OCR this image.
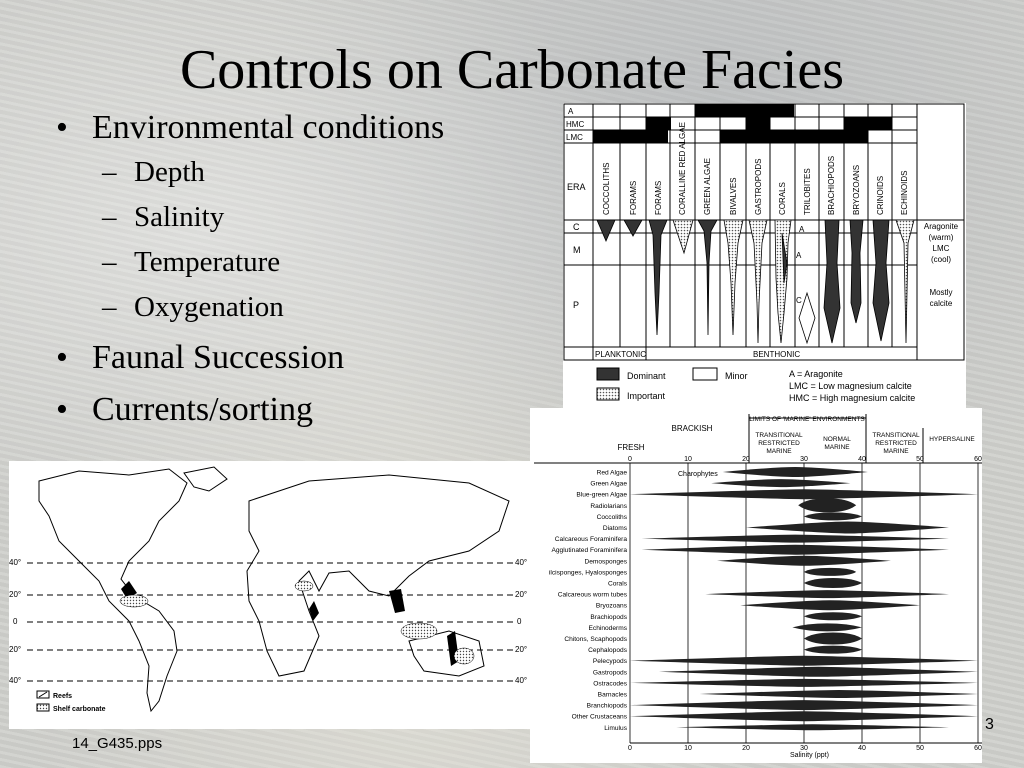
Controls on Carbonate Facies
• Environmental conditions
– Depth
– Salinity
– Temperature
– Oxygenation
• Faunal Succession
• Currents/sorting
A
HMC
LMC
ERA
C
M
P
COCCOLITHS FORAMS FORAMS CORALLINE RED ALGAE GREEN ALGAE BIVALVES GASTROPODS CORALS TRILOBITES BRACHIOPODS BRYOZOANS CRINOIDS ECHINOIDS
A
A
C
Aragonite
(warm)
LMC
(cool)
Mostly
calcite
PLANKTONIC	BENTHONIC
Dominant
Important
Minor	A = Aragonite
LMC = Low magnesium calcite
HMC = High magnesium calcite
LIMITS OF 'MARINE' ENVIRONMENTS
BRACKISH
FRESH
TRANSITIONAL
RESTRICTED
MARINE
NORMAL
MARINE
TRANSITIONAL
RESTRICTED
MARINE
HYPERSALINE
Charophytes
Salinity (ppt)
0
0
10
10
20
20
30
30
40
40
50
50
60
60
Red Algae
Green Algae
Blue-green Algae
Radiolarians
Coccoliths
Diatoms
Calcareous Foraminifera
Agglutinated Foraminifera
Demosponges
ilcisponges, Hyalosponges
Corals
Calcareous worm tubes
Bryozoans
Brachiopods
Echinoderms
Chitons, Scaphopods
Cephalopods
Pelecypods
Gastropods
Ostracodes
Barnacles
Branchiopods
Other Crustaceans
Limulus
40°
20°
0
20°
40°
40°
20°
0
20°
40°
Reefs
Shelf carbonate
14_G435.pps
3
